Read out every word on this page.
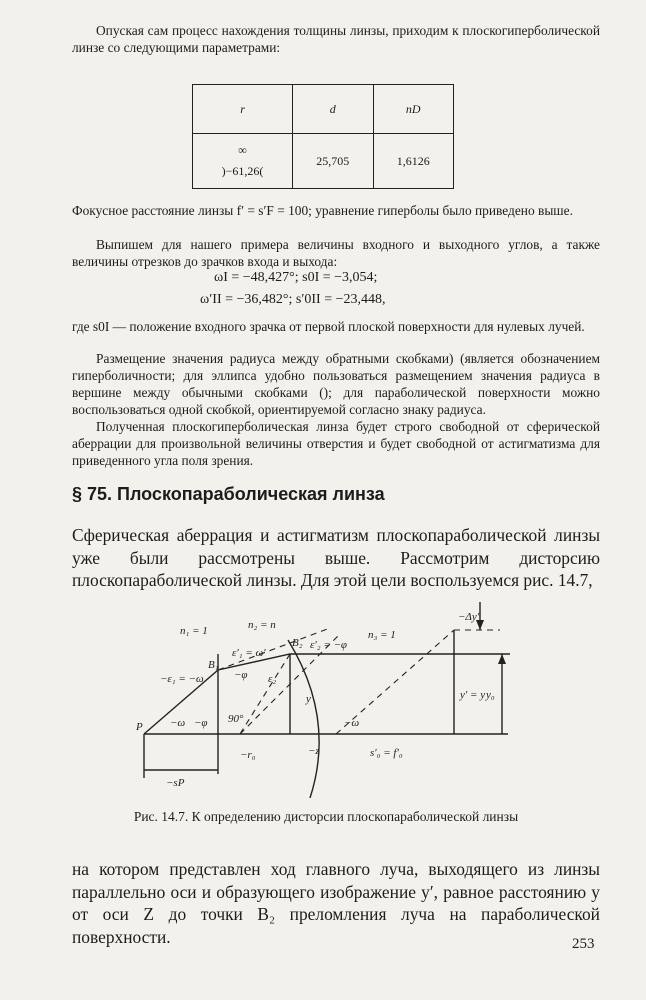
Опуская сам процесс нахождения толщины линзы, приходим к плоскогиперболической линзе со следующими параметрами:

r	d	nD

∞
)−61,26(	25,705	1,6126

Фокусное расстояние линзы f′ = s′F = 100; уравнение гиперболы было приведено выше.

Выпишем для нашего примера величины входного и выходного углов, а также величины отрезков до зрачков входа и выхода:

ωI = −48,427°; s0I = −3,054;
ω′II = −36,482°; s′0II = −23,448,

где s0I — положение входного зрачка от первой плоской поверхности для нулевых лучей.

Размещение значения радиуса между обратными скобками) (является обозначением гиперболичности; для эллипса удобно пользоваться размещением значения радиуса в вершине между обычными скобками (); для параболической поверхности можно воспользоваться одной скобкой, ориентируемой согласно знаку радиуса.

Полученная плоскогиперболическая линза будет строго свободной от сферической аберрации для произвольной величины отверстия и будет свободной от астигматизма для приведенного угла поля зрения.

§ 75. Плоскопараболическая линза

Сферическая аберрация и астигматизм плоскопараболической линзы уже были рассмотрены выше. Рассмотрим дисторсию плоскопараболической линзы. Для этой цели воспользуемся рис. 14.7,

n₁ = 1	n₂ = n
n₃ = 1
B₁
B₂
P
−ε₁ = −ω
ε′₁ = ω′
ε′₂ = −φ
−φ ε₂
−ω −φ 90°	−ω
y
−Δy′
y′ = y y₀
−r₀	−z	s′₀ = f′₀
−sP
Рис. 14.7. К определению дисторсии плоскопараболической линзы

на котором представлен ход главного луча, выходящего из линзы параллельно оси и образующего изображение y′, равное расстоянию y от оси Z до точки B₂ преломления луча на параболической поверхности.	253
